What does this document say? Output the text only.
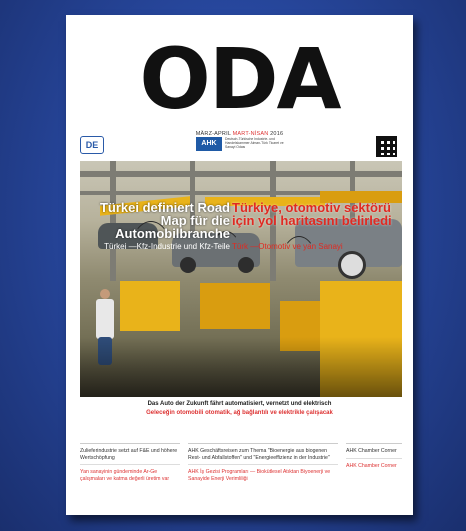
ODA
MÄRZ-APRIL MART-NİSAN 2016
DE	AHK
Deutsch-Türkische Industrie- und Handelskammer Alman-Türk Ticaret ve Sanayi Odası
Türkei definiert Road Map für die Automobilbranche
Türkiye, otomotiv sektörü için yol haritasını belirledi
Türkei —Kfz-Industrie und Kfz-Teile Türk —Otomotiv ve yan Sanayi
Das Auto der Zukunft fährt automatisiert, vernetzt und elektrisch
Geleceğin otomobili otomatik, ağ bağlantılı ve elektrikle çalışacak
Zulieferindustrie setzt auf F&E und höhere Wertschöpfung
Yan sanayinin gündeminde Ar-Ge çalışmaları ve katma değerli üretim var
AHK Geschäftsreisen zum Thema "Bioenergie aus biogenen Rest- und Abfallstoffen" und "Energieeffizienz in der Industrie"
AHK İş Gezisi Programları — Biokütlesel Atıktan Biyoenerji ve Sanayide Enerji Verimliliği
AHK Chamber Corner
AHK Chamber Corner
